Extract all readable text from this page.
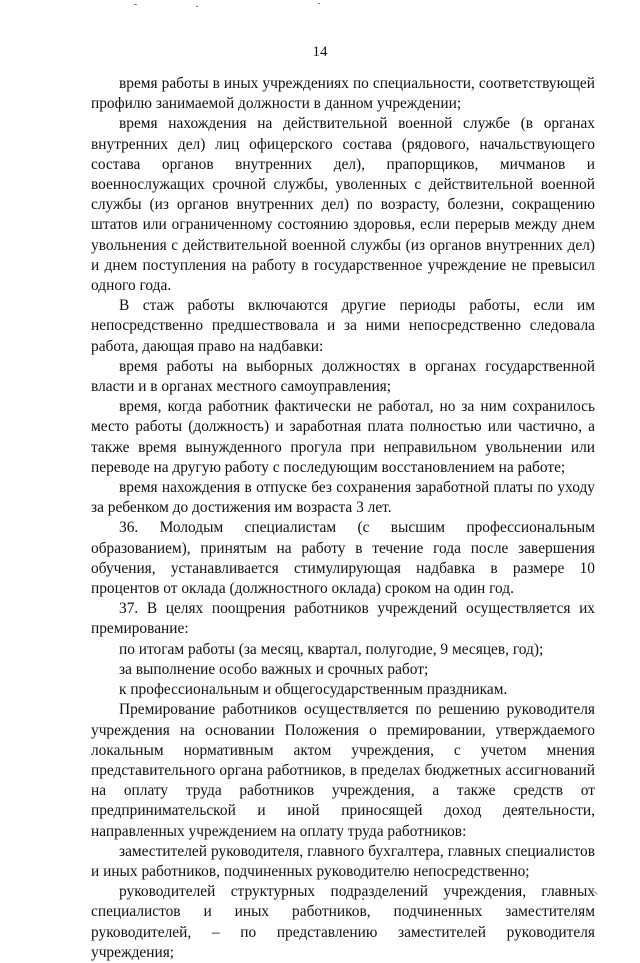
14

время работы в иных учреждениях по специальности, соответствующей профилю занимаемой должности в данном учреждении;

время нахождения на действительной военной службе (в органах внутренних дел) лиц офицерского состава (рядового, начальствующего состава органов внутренних дел), прапорщиков, мичманов и военнослужащих срочной службы, уволенных с действительной военной службы (из органов внутренних дел) по возрасту, болезни, сокращению штатов или ограниченному состоянию здоровья, если перерыв между днем увольнения с действительной военной службы (из органов внутренних дел) и днем поступления на работу в государственное учреждение не превысил одного года.

В стаж работы включаются другие периоды работы, если им непосредственно предшествовала и за ними непосредственно следовала работа, дающая право на надбавки:

время работы на выборных должностях в органах государственной власти и в органах местного самоуправления;

время, когда работник фактически не работал, но за ним сохранилось место работы (должность) и заработная плата полностью или частично, а также время вынужденного прогула при неправильном увольнении или переводе на другую работу с последующим восстановлением на работе;

время нахождения в отпуске без сохранения заработной платы по уходу за ребенком до достижения им возраста 3 лет.

36. Молодым специалистам (с высшим профессиональным образованием), принятым на работу в течение года после завершения обучения, устанавливается стимулирующая надбавка в размере 10 процентов от оклада (должностного оклада) сроком на один год.

37. В целях поощрения работников учреждений осуществляется их премирование:

по итогам работы (за месяц, квартал, полугодие, 9 месяцев, год);

за выполнение особо важных и срочных работ;

к профессиональным и общегосударственным праздникам.

Премирование работников осуществляется по решению руководителя учреждения на основании Положения о премировании, утверждаемого локальным нормативным актом учреждения, с учетом мнения представительного органа работников, в пределах бюджетных ассигнований на оплату труда работников учреждения, а также средств от предпринимательской и иной приносящей доход деятельности, направленных учреждением на оплату труда работников:

заместителей руководителя, главного бухгалтера, главных специалистов и иных работников, подчиненных руководителю непосредственно;

руководителей структурных подразделений учреждения, главных специалистов и иных работников, подчиненных заместителям руководителей, – по представлению заместителей руководителя учреждения;
